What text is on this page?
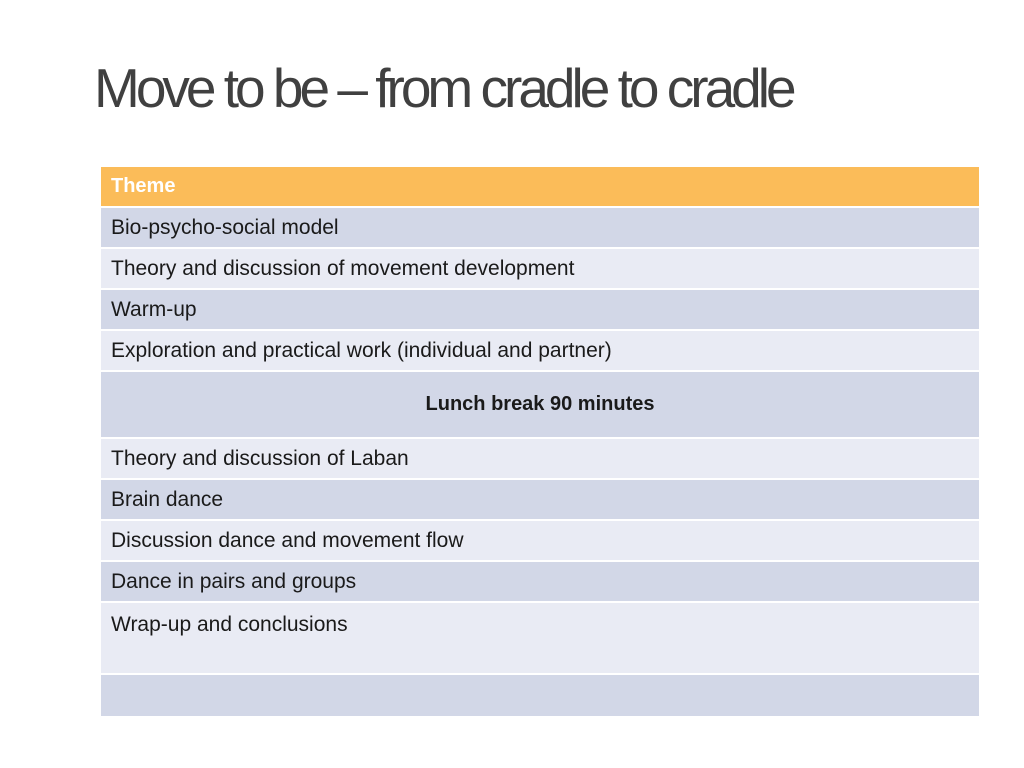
Move to be – from cradle to cradle
Theme
Bio-psycho-social model
Theory and discussion of movement development
Warm-up
Exploration and practical work (individual and partner)
Lunch break 90 minutes
Theory and discussion of Laban
Brain dance
Discussion dance and movement flow
Dance in pairs and groups
Wrap-up and conclusions
